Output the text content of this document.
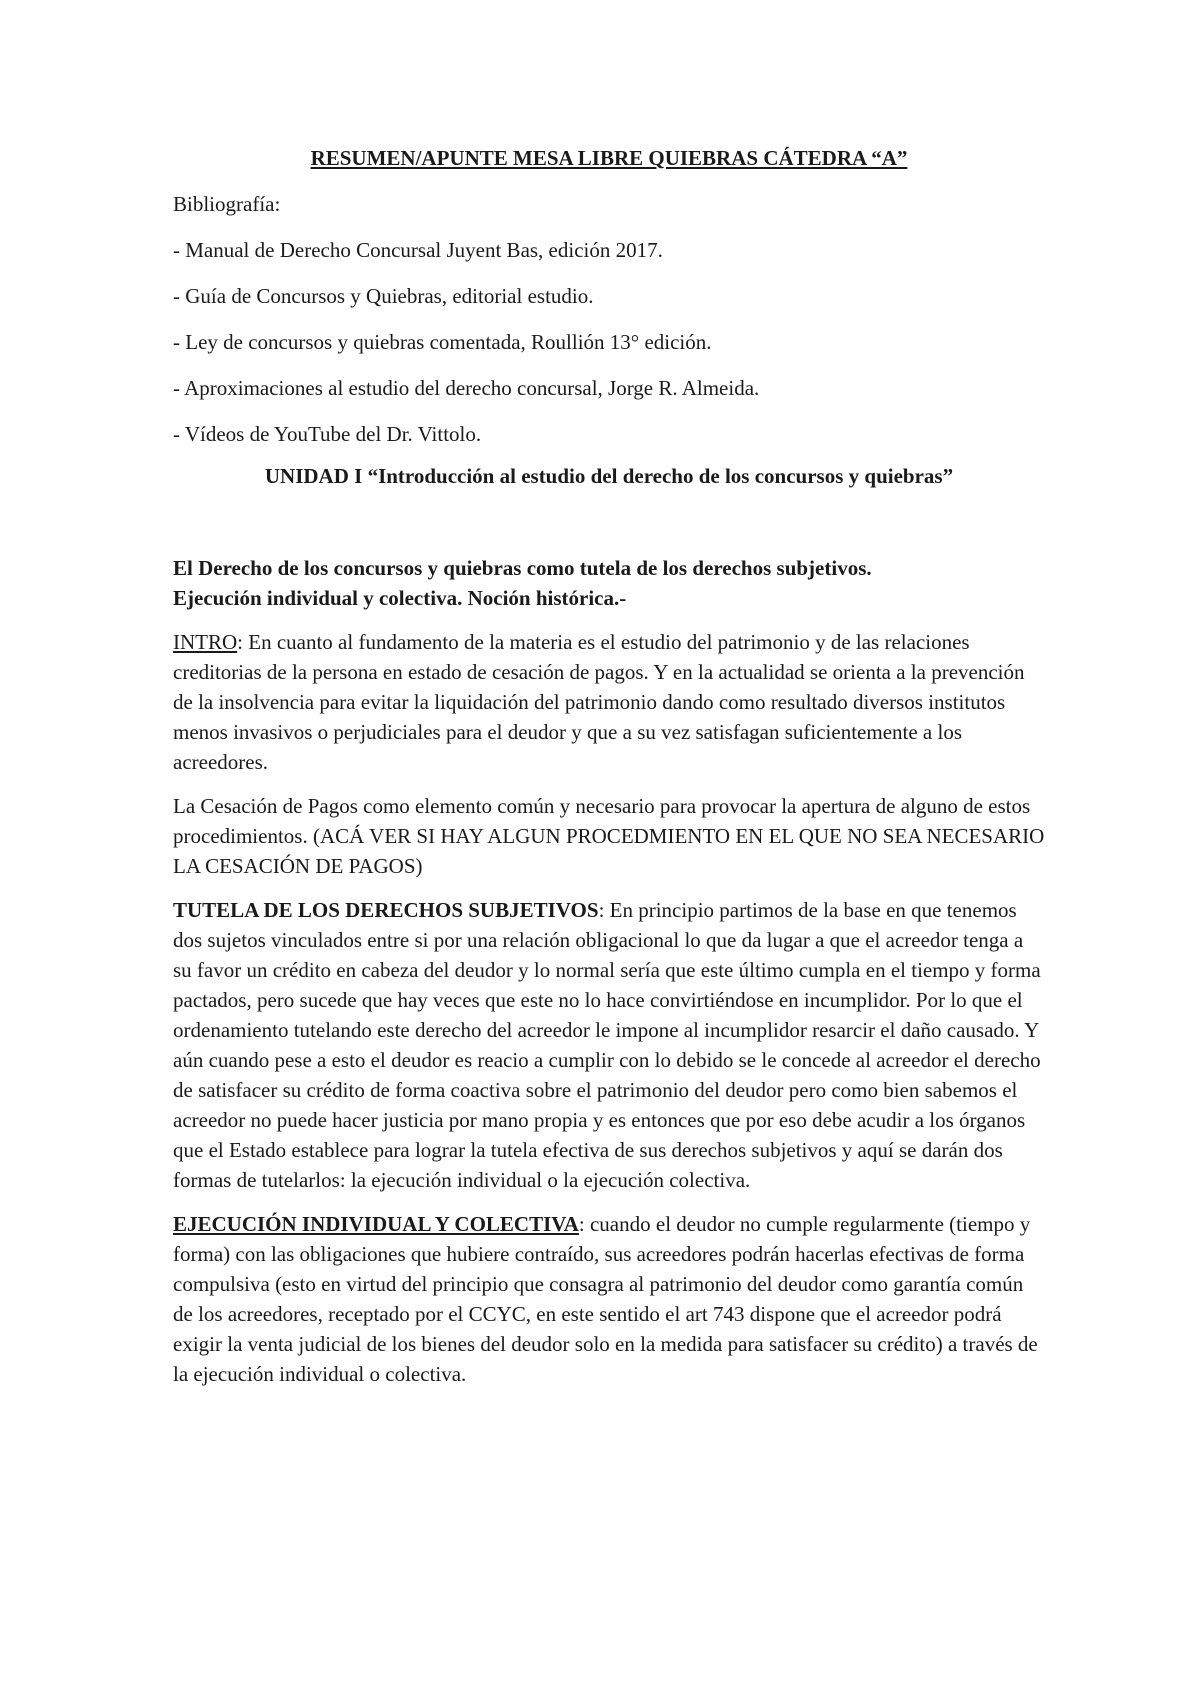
RESUMEN/APUNTE MESA LIBRE QUIEBRAS CÁTEDRA “A”

Bibliografía:

- Manual de Derecho Concursal Juyent Bas, edición 2017.
- Guía de Concursos y Quiebras, editorial estudio.
- Ley de concursos y quiebras comentada, Roullión 13° edición.
- Aproximaciones al estudio del derecho concursal, Jorge R. Almeida.
- Vídeos de YouTube del Dr. Vittolo.

UNIDAD I “Introducción al estudio del derecho de los concursos y quiebras”

El Derecho de los concursos y quiebras como tutela de los derechos subjetivos.
Ejecución individual y colectiva. Noción histórica.-

INTRO: En cuanto al fundamento de la materia es el estudio del patrimonio y de las relaciones creditorias de la persona en estado de cesación de pagos. Y en la actualidad se orienta a la prevención de la insolvencia para evitar la liquidación del patrimonio dando como resultado diversos institutos menos invasivos o perjudiciales para el deudor y que a su vez satisfagan suficientemente a los acreedores.

La Cesación de Pagos como elemento común y necesario para provocar la apertura de alguno de estos procedimientos. (ACÁ VER SI HAY ALGUN PROCEDMIENTO EN EL QUE NO SEA NECESARIO LA CESACIÓN DE PAGOS)

TUTELA DE LOS DERECHOS SUBJETIVOS: En principio partimos de la base en que tenemos dos sujetos vinculados entre si por una relación obligacional lo que da lugar a que el acreedor tenga a su favor un crédito en cabeza del deudor y lo normal sería que este último cumpla en el tiempo y forma pactados, pero sucede que hay veces que este no lo hace convirtiéndose en incumplidor. Por lo que el ordenamiento tutelando este derecho del acreedor le impone al incumplidor resarcir el daño causado. Y aún cuando pese a esto el deudor es reacio a cumplir con lo debido se le concede al acreedor el derecho de satisfacer su crédito de forma coactiva sobre el patrimonio del deudor pero como bien sabemos el acreedor no puede hacer justicia por mano propia y es entonces que por eso debe acudir a los órganos que el Estado establece para lograr la tutela efectiva de sus derechos subjetivos y aquí se darán dos formas de tutelarlos: la ejecución individual o la ejecución colectiva.

EJECUCIÓN INDIVIDUAL Y COLECTIVA: cuando el deudor no cumple regularmente (tiempo y forma) con las obligaciones que hubiere contraído, sus acreedores podrán hacerlas efectivas de forma compulsiva (esto en virtud del principio que consagra al patrimonio del deudor como garantía común de los acreedores, receptado por el CCYC, en este sentido el art 743 dispone que el acreedor podrá exigir la venta judicial de los bienes del deudor solo en la medida para satisfacer su crédito) a través de la ejecución individual o colectiva.
